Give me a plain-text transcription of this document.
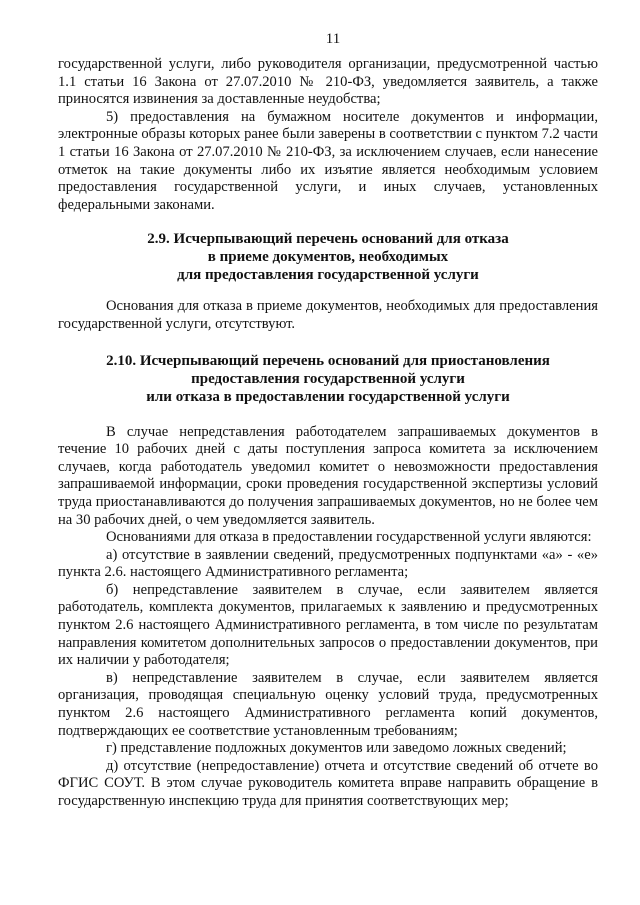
11

государственной услуги, либо руководителя организации, предусмотренной частью 1.1 статьи 16 Закона от 27.07.2010 № 210-ФЗ, уведомляется заявитель, а также приносятся извинения за доставленные неудобства;

5) предоставления на бумажном носителе документов и информации, электронные образы которых ранее были заверены в соответствии с пунктом 7.2 части 1 статьи 16 Закона от 27.07.2010 № 210-ФЗ, за исключением случаев, если нанесение отметок на такие документы либо их изъятие является необходимым условием предоставления государственной услуги, и иных случаев, установленных федеральными законами.

2.9. Исчерпывающий перечень оснований для отказа
в приеме документов, необходимых
для предоставления государственной услуги

Основания для отказа в приеме документов, необходимых для предоставления государственной услуги, отсутствуют.

2.10. Исчерпывающий перечень оснований для приостановления
предоставления государственной услуги
или отказа в предоставлении государственной услуги

В случае непредставления работодателем запрашиваемых документов в течение 10 рабочих дней с даты поступления запроса комитета за исключением случаев, когда работодатель уведомил комитет о невозможности предоставления запрашиваемой информации, сроки проведения государственной экспертизы условий труда приостанавливаются до получения запрашиваемых документов, но не более чем на 30 рабочих дней, о чем уведомляется заявитель.

Основаниями для отказа в предоставлении государственной услуги являются:

а) отсутствие в заявлении сведений, предусмотренных подпунктами «а» - «е» пункта 2.6. настоящего Административного регламента;

б) непредставление заявителем в случае, если заявителем является работодатель, комплекта документов, прилагаемых к заявлению и предусмотренных пунктом 2.6 настоящего Административного регламента, в том числе по результатам направления комитетом дополнительных запросов о предоставлении документов, при их наличии у работодателя;

в) непредставление заявителем в случае, если заявителем является организация, проводящая специальную оценку условий труда, предусмотренных пунктом 2.6 настоящего Административного регламента копий документов, подтверждающих ее соответствие установленным требованиям;

г) представление подложных документов или заведомо ложных сведений;

д) отсутствие (непредоставление) отчета и отсутствие сведений об отчете во ФГИС СОУТ. В этом случае руководитель комитета вправе направить обращение в государственную инспекцию труда для принятия соответствующих мер;
